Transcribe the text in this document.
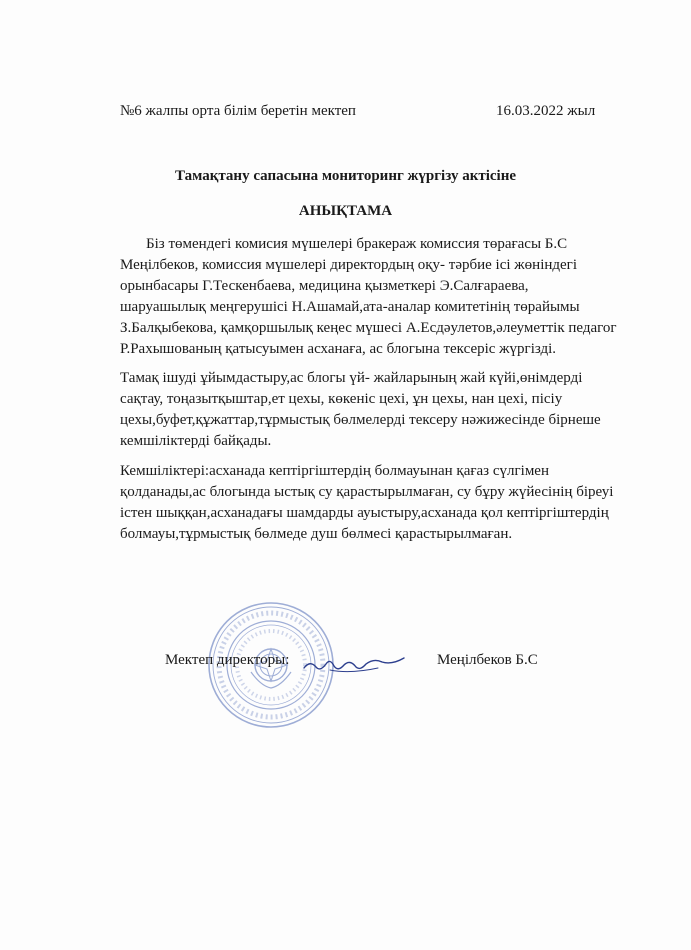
№6 жалпы орта білім беретін мектеп	16.03.2022 жыл
Тамақтану сапасына мониторинг жүргізу актісіне
АНЫҚТАМА
Біз төмендегі комисия мүшелері бракераж комиссия төрағасы Б.С
Меңілбеков, комиссия мүшелері директордың оқу- тәрбие ісі жөніндегі
орынбасары Г.Тескенбаева, медицина қызметкері Э.Салғараева,
шаруашылық меңгерушісі Н.Ашамай,ата-аналар комитетінің төрайымы
З.Балқыбекова, қамқоршылық кеңес мүшесі А.Есдәулетов,әлеуметтік педагог
Р.Рахышованың қатысуымен асханаға, ас блогына тексеріс жүргізді.
Тамақ ішуді ұйымдастыру,ас блогы үй- жайларының жай күйі,өнімдерді
сақтау, тоңазытқыштар,ет цехы, көкеніс цехі, ұн цехы, нан цехі, пісіу
цехы,буфет,құжаттар,тұрмыстық бөлмелерді тексеру нәжижесінде бірнеше
кемшіліктерді байқады.
Кемшіліктері:асханада кептіргіштердің болмауынан қағаз сүлгімен
қолданады,ас блогында ыстық су қарастырылмаған, су бұру жүйесінің біреуі
істен шыққан,асханадағы шамдарды ауыстыру,асханада қол кептіргіштердің
болмауы,тұрмыстық бөлмеде душ бөлмесі қарастырылмаған.
Мектеп директоры:	Меңілбеков Б.С
